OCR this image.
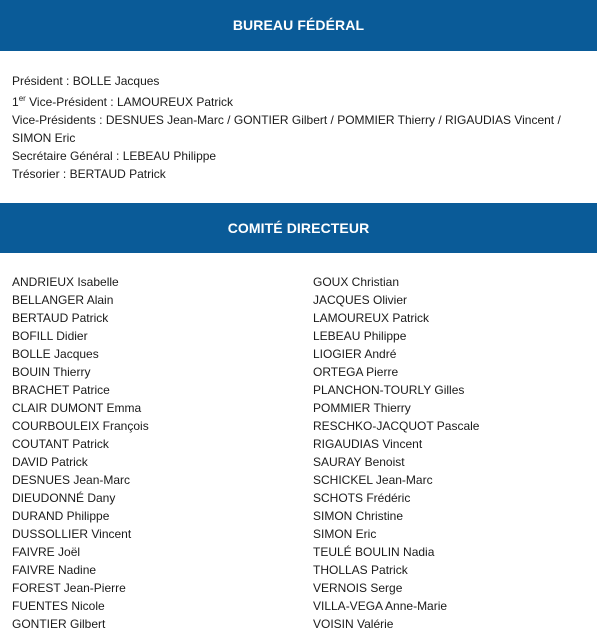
BUREAU FÉDÉRAL
Président : BOLLE Jacques
1er Vice-Président : LAMOUREUX Patrick
Vice-Présidents : DESNUES Jean-Marc / GONTIER Gilbert / POMMIER Thierry / RIGAUDIAS Vincent / SIMON Eric
Secrétaire Général : LEBEAU Philippe
Trésorier : BERTAUD Patrick
COMITÉ DIRECTEUR
ANDRIEUX Isabelle
BELLANGER Alain
BERTAUD Patrick
BOFILL Didier
BOLLE Jacques
BOUIN Thierry
BRACHET Patrice
CLAIR DUMONT Emma
COURBOULEIX François
COUTANT Patrick
DAVID Patrick
DESNUES Jean-Marc
DIEUDONNÉ Dany
DURAND Philippe
DUSSOLLIER Vincent
FAIVRE Joël
FAIVRE Nadine
FOREST Jean-Pierre
FUENTES Nicole
GONTIER Gilbert
GOUX Christian
JACQUES Olivier
LAMOUREUX Patrick
LEBEAU Philippe
LIOGIER André
ORTEGA Pierre
PLANCHON-TOURLY Gilles
POMMIER Thierry
RESCHKO-JACQUOT Pascale
RIGAUDIAS Vincent
SAURAY Benoist
SCHICKEL Jean-Marc
SCHOTS Frédéric
SIMON Christine
SIMON Eric
TEULÉ BOULIN Nadia
THOLLAS Patrick
VERNOIS Serge
VILLA-VEGA Anne-Marie
VOISIN Valérie
